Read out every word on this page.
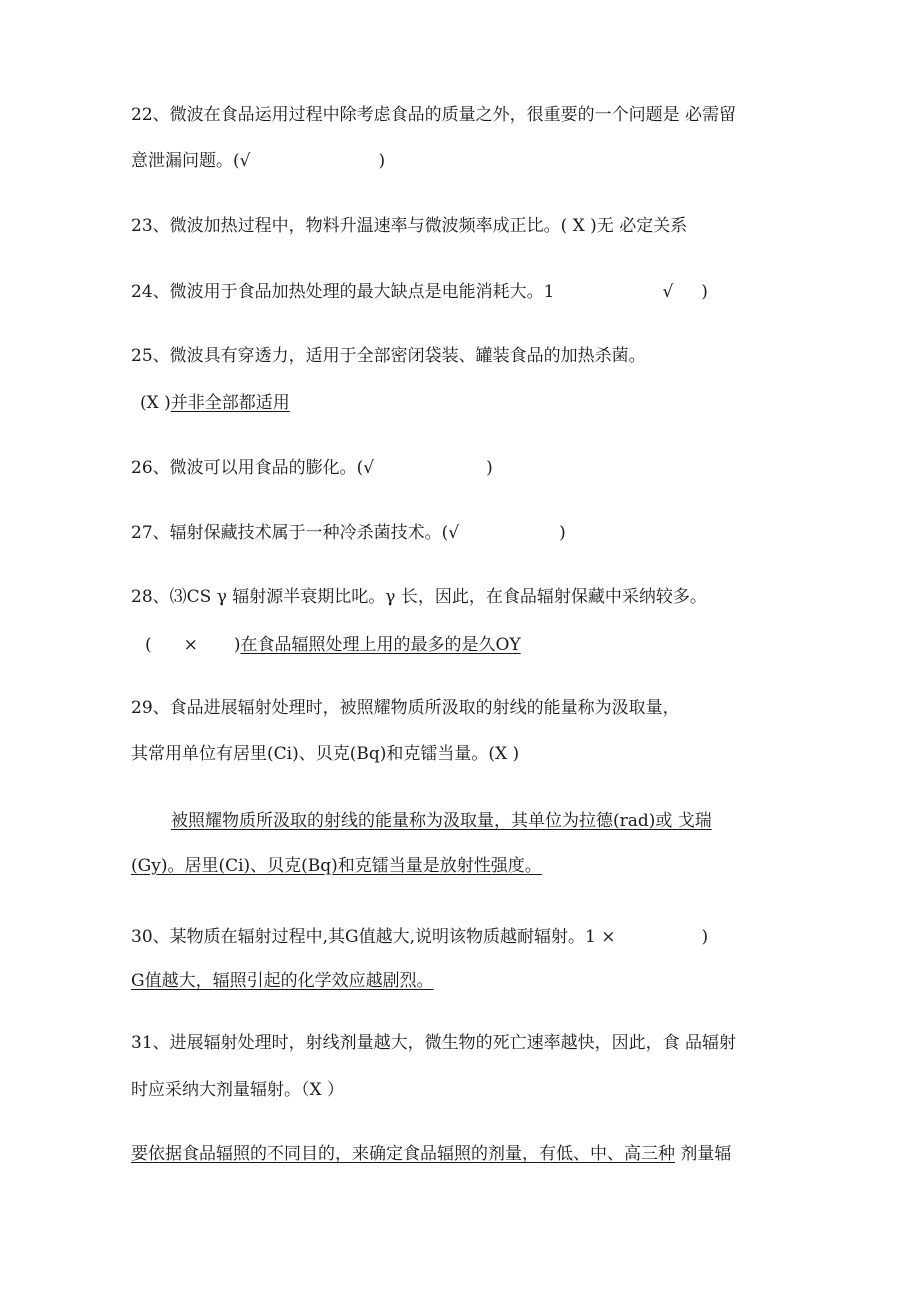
22、微波在食品运用过程中除考虑食品的质量之外，很重要的一个问题是 必需留
意泄漏问题。(√	)
23、微波加热过程中，物料升温速率与微波频率成正比。( X )无 必定关系
24、微波用于食品加热处理的最大缺点是电能消耗大。1	√ )
25、微波具有穿透力，适用于全部密闭袋装、罐装食品的加热杀菌。
(X )并非全部都适用
26、微波可以用食品的膨化。(√	)
27、辐射保藏技术属于一种冷杀菌技术。(√	)
28、⑶CS γ 辐射源半衰期比叱。γ 长，因此，在食品辐射保藏中采纳较多。
( × )在食品辐照处理上用的最多的是久OY
29、食品进展辐射处理时，被照耀物质所汲取的射线的能量称为汲取量，
其常用单位有居里(Ci)、贝克(Bq)和克镭当量。(X )
被照耀物质所汲取的射线的能量称为汲取量，其单位为拉德(rad)或 戈瑞
(Gy)。居里(Ci)、贝克(Bq)和克镭当量是放射性强度。
30、某物质在辐射过程中,其G值越大,说明该物质越耐辐射。1 ×	)
G值越大，辐照引起的化学效应越剧烈。
31、进展辐射处理时，射线剂量越大，微生物的死亡速率越快，因此，食 品辐射
时应采纳大剂量辐射。（X ）
要依据食品辐照的不同目的，来确定食品辐照的剂量，有低、中、高三种 剂量辐
